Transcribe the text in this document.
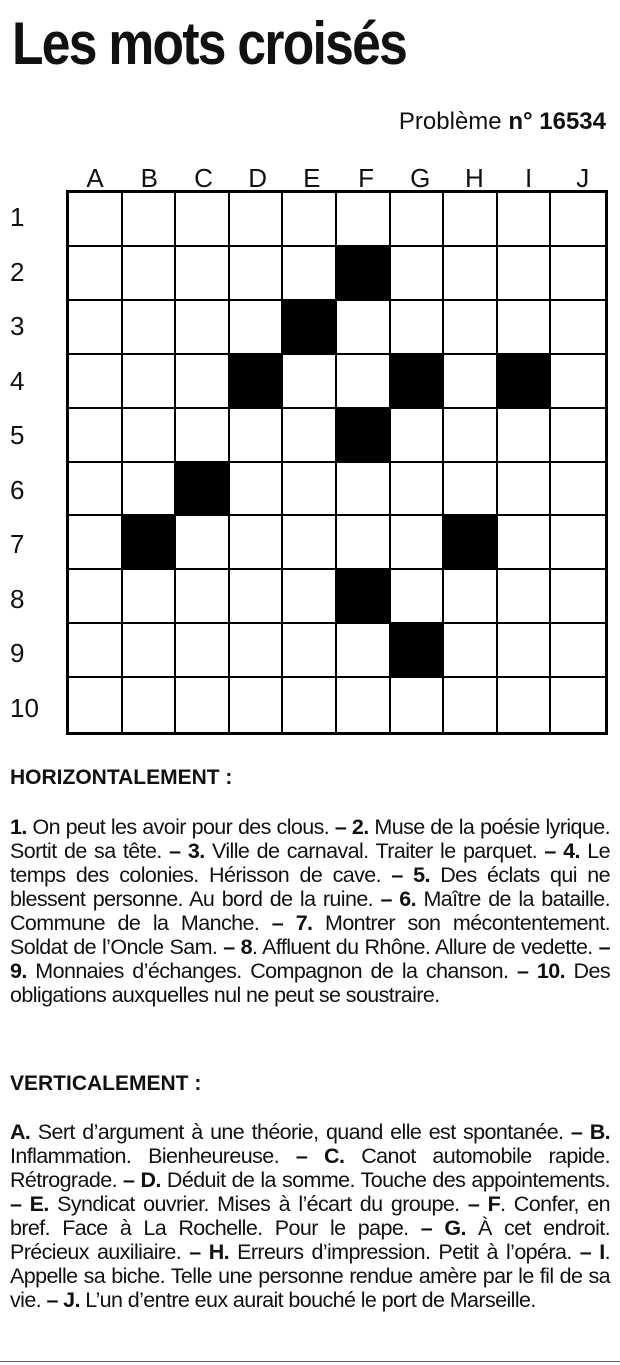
Les mots croisés
Problème n° 16534
A	B	C	D	E	F	G	H	I	J
1
2
3
4
5
6
7
8
9
10
HORIZONTALEMENT :

1. On peut les avoir pour des clous. – 2. Muse de la poésie lyrique. Sortit de sa tête. – 3. Ville de carnaval. Traiter le parquet. – 4. Le temps des colonies. Hérisson de cave. – 5. Des éclats qui ne blessent personne. Au bord de la ruine. – 6. Maître de la bataille. Commune de la Manche. – 7. Montrer son mécontentement. Soldat de l’Oncle Sam. – 8. Affluent du Rhône. Allure de vedette. – 9. Monnaies d’échanges. Compagnon de la chanson. – 10. Des obligations auxquelles nul ne peut se soustraire.

VERTICALEMENT :

A. Sert d’argument à une théorie, quand elle est spontanée. – B. Inflammation. Bienheureuse. – C. Canot automobile rapide. Rétrograde. – D. Déduit de la somme. Touche des appointements. – E. Syndicat ouvrier. Mises à l’écart du groupe. – F. Confer, en bref. Face à La Rochelle. Pour le pape. – G. À cet endroit. Précieux auxiliaire. – H. Erreurs d’impression. Petit à l’opéra. – I. Appelle sa biche. Telle une personne rendue amère par le fil de sa vie. – J. L’un d’entre eux aurait bouché le port de Marseille.
